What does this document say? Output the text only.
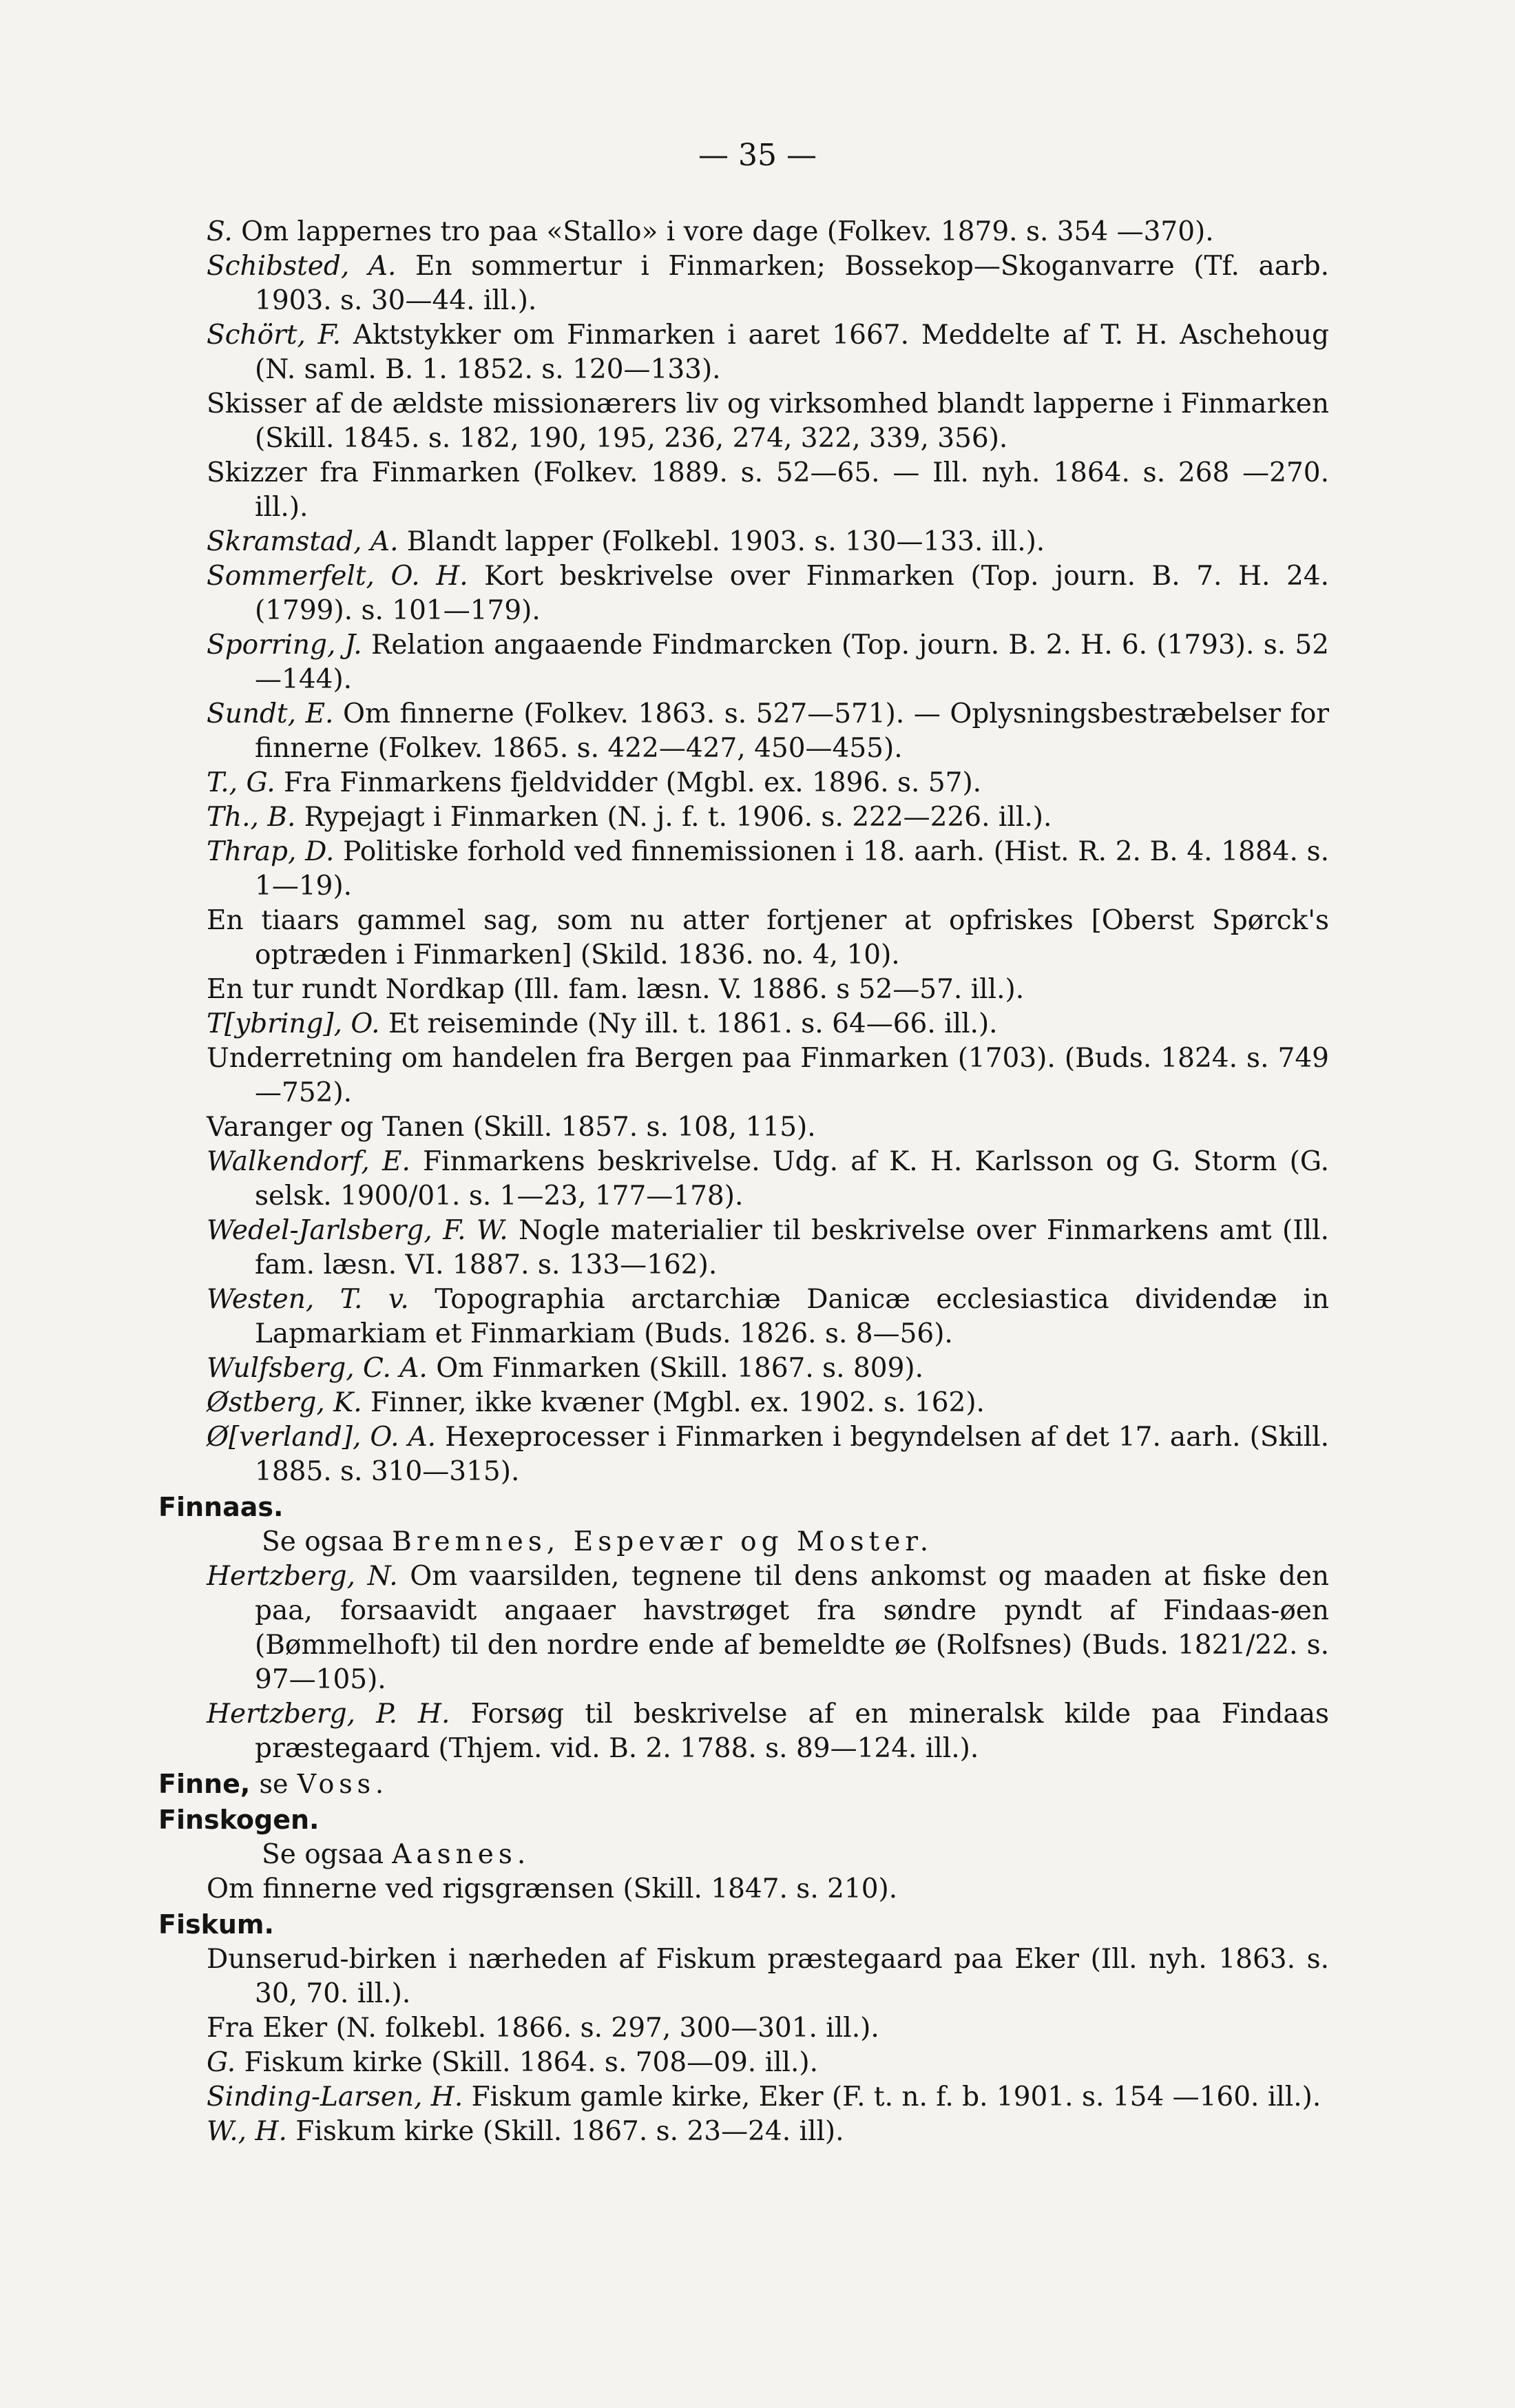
— 35 —
S. Om lappernes tro paa «Stallo» i vore dage (Folkev. 1879. s. 354 —370).
Schibsted, A. En sommertur i Finmarken; Bossekop—Skoganvarre (Tf. aarb. 1903. s. 30—44. ill.).
Schört, F. Aktstykker om Finmarken i aaret 1667. Meddelte af T. H. Aschehoug (N. saml. B. 1. 1852. s. 120—133).
Skisser af de ældste missionærers liv og virksomhed blandt lapperne i Finmarken (Skill. 1845. s. 182, 190, 195, 236, 274, 322, 339, 356).
Skizzer fra Finmarken (Folkev. 1889. s. 52—65. — Ill. nyh. 1864. s. 268 —270. ill.).
Skramstad, A. Blandt lapper (Folkebl. 1903. s. 130—133. ill.).
Sommerfelt, O. H. Kort beskrivelse over Finmarken (Top. journ. B. 7. H. 24. (1799). s. 101—179).
Sporring, J. Relation angaaende Findmarcken (Top. journ. B. 2. H. 6. (1793). s. 52—144).
Sundt, E. Om finnerne (Folkev. 1863. s. 527—571). — Oplysningsbestræbelser for finnerne (Folkev. 1865. s. 422—427, 450—455).
T., G. Fra Finmarkens fjeldvidder (Mgbl. ex. 1896. s. 57).
Th., B. Rypejagt i Finmarken (N. j. f. t. 1906. s. 222—226. ill.).
Thrap, D. Politiske forhold ved finnemissionen i 18. aarh. (Hist. R. 2. B. 4. 1884. s. 1—19).
En tiaars gammel sag, som nu atter fortjener at opfriskes [Oberst Spørck's optræden i Finmarken] (Skild. 1836. no. 4, 10).
En tur rundt Nordkap (Ill. fam. læsn. V. 1886. s 52—57. ill.).
T[ybring], O. Et reiseminde (Ny ill. t. 1861. s. 64—66. ill.).
Underretning om handelen fra Bergen paa Finmarken (1703). (Buds. 1824. s. 749—752).
Varanger og Tanen (Skill. 1857. s. 108, 115).
Walkendorf, E. Finmarkens beskrivelse. Udg. af K. H. Karlsson og G. Storm (G. selsk. 1900/01. s. 1—23, 177—178).
Wedel-Jarlsberg, F. W. Nogle materialier til beskrivelse over Finmarkens amt (Ill. fam. læsn. VI. 1887. s. 133—162).
Westen, T. v. Topographia arctarchiæ Danicæ ecclesiastica dividendæ in Lapmarkiam et Finmarkiam (Buds. 1826. s. 8—56).
Wulfsberg, C. A. Om Finmarken (Skill. 1867. s. 809).
Østberg, K. Finner, ikke kvæner (Mgbl. ex. 1902. s. 162).
Ø[verland], O. A. Hexeprocesser i Finmarken i begyndelsen af det 17. aarh. (Skill. 1885. s. 310—315).
Finnaas.
Se ogsaa Bremnes, Espevær og Moster.
Hertzberg, N. Om vaarsilden, tegnene til dens ankomst og maaden at fiske den paa, forsaavidt angaaer havstrøget fra søndre pyndt af Findaas-øen (Bømmelhoft) til den nordre ende af bemeldte øe (Rolfsnes) (Buds. 1821/22. s. 97—105).
Hertzberg, P. H. Forsøg til beskrivelse af en mineralsk kilde paa Findaas præstegaard (Thjem. vid. B. 2. 1788. s. 89—124. ill.).
Finne, se Voss.
Finskogen.
Se ogsaa Aasnes.
Om finnerne ved rigsgrænsen (Skill. 1847. s. 210).
Fiskum.
Dunserud-birken i nærheden af Fiskum præstegaard paa Eker (Ill. nyh. 1863. s. 30, 70. ill.).
Fra Eker (N. folkebl. 1866. s. 297, 300—301. ill.).
G. Fiskum kirke (Skill. 1864. s. 708—09. ill.).
Sinding-Larsen, H. Fiskum gamle kirke, Eker (F. t. n. f. b. 1901. s. 154 —160. ill.).
W., H. Fiskum kirke (Skill. 1867. s. 23—24. ill).
